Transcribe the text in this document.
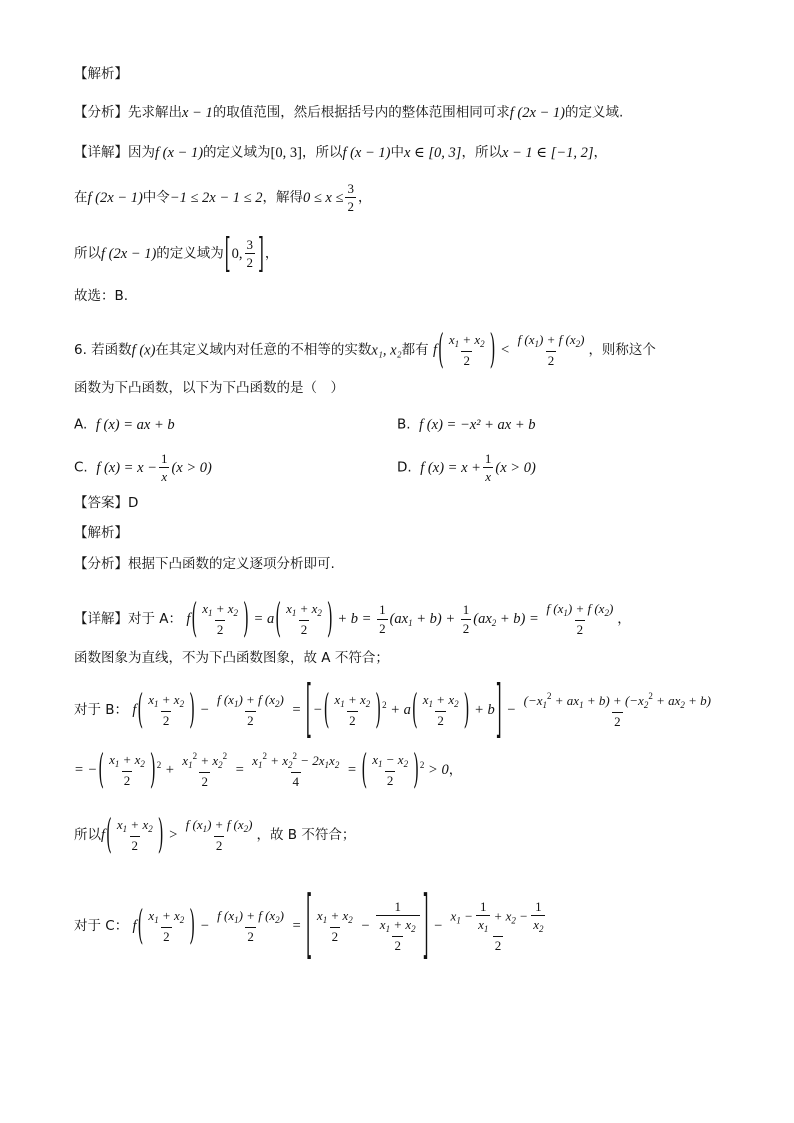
【解析】
【分析】先求解出x − 1的取值范围，然后根据括号内的整体范围相同可求f (2x − 1)的定义域.
【详解】因为f (x − 1)的定义域为[0, 3]，所以f (x − 1)中x ∈ [0, 3]，所以x − 1 ∈ [−1, 2]，
在f (2x − 1)中令−1 ≤ 2x − 1 ≤ 2，解得$0 \le x \le \frac{3}{2}$ ，
所以f (2x − 1)的定义域为[0, $\frac{3}{2}$ ]，
故选：B.
6. 若函数f (x)在其定义域内对任意的不相等的实数x₁, x₂都有 $f( \frac{x_1 + x_2}{2}$ ) < $\frac{f (x_1) + f (x_2)}{2}$ ，则称这个
函数为下凸函数，以下为下凸函数的是（　）
A. f (x) = ax + b	B. f (x) = −x² + ax + b
C. f $(x) = x - \frac{1}{x} (x > 0)$	D. f $(x) = x + \frac{1}{x} (x > 0)$
【答案】D
【解析】
【分析】根据下凸函数的定义逐项分析即可.
【详解】对于 A： $f( \frac{x_1 + x_2}{2}$ ) = $a( \frac{x_1 + x_2}{2}$ ) + $b = \frac{1}{2} (ax_1 + b) + \frac{1}{2} (ax_2 + b) = \frac{f (x_1) + f (x_2)}{2}$ ，
函数图象为直线，不为下凸函数图象，故 A 不符合；
对于 B： $f( \frac{x_1 + x_2}{2}$ ) − $\frac{f (x_1) + f (x_2)}{2}$ = [−( $\frac{x_1 + x_2}{2} )^2 + a( \frac{x_1 + x_2}{2}$ ) + $b] - \frac{(-x_1^2 + ax_1 + b) + (-x_2^2 + ax_2 + b)}{2}$
= −( $\frac{x_1 + x_2}{2} )^2 + \frac{x_1^2 + x_2^2}{2} = \frac{x_1^2 + x_2^2 - 2x_1x_2}{4}$ = ( $\frac{x_1 - x_2}{2} )^2 > 0$，
所以$f( \frac{x_1 + x_2}{2}$ ) > $\frac{f (x_1) + f (x_2)}{2}$ ，故 B 不符合；
对于 C： $f( \frac{x_1 + x_2}{2}$ ) − $\frac{f (x_1) + f (x_2)}{2}$ = [ $\frac{x_1 + x_2}{2} - \frac{1}{\frac{x_1 + x_2}{2}}$ ] − $\frac{x_1 - \frac{1}{x_1} + x_2 - \frac{1}{x_2}}{2}$
